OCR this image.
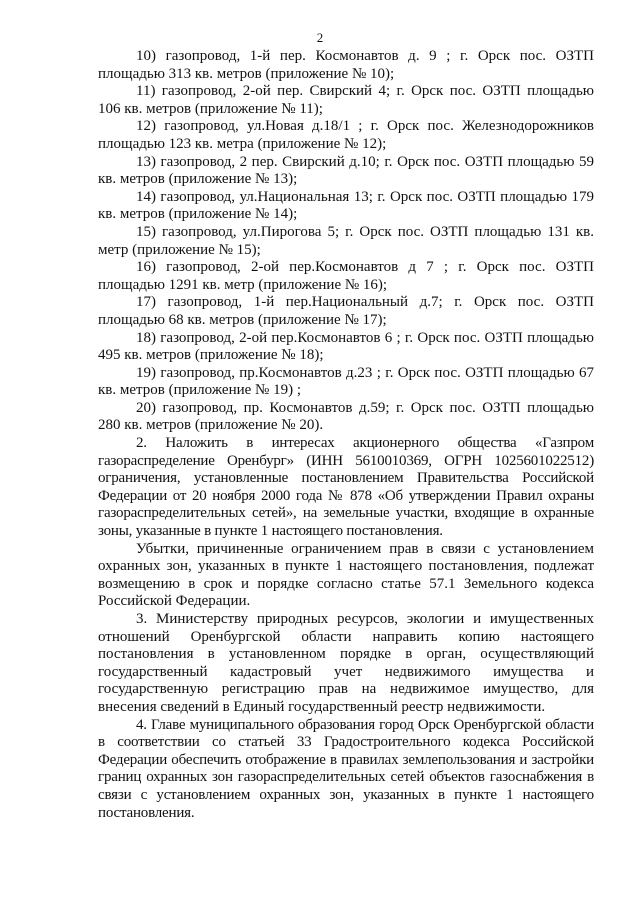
2

10) газопровод, 1-й пер. Космонавтов д. 9 ; г. Орск пос. ОЗТП площадью 313 кв. метров (приложение № 10);

11) газопровод, 2-ой пер. Свирский 4; г. Орск пос. ОЗТП площадью 106 кв. метров (приложение № 11);

12) газопровод, ул.Новая д.18/1 ; г. Орск пос. Железнодорожников площадью 123 кв. метра (приложение № 12);

13) газопровод, 2 пер. Свирский д.10; г. Орск пос. ОЗТП площадью 59 кв. метров (приложение № 13);

14) газопровод, ул.Национальная 13; г. Орск пос. ОЗТП площадью 179 кв. метров (приложение № 14);

15) газопровод, ул.Пирогова 5; г. Орск пос. ОЗТП площадью 131 кв. метр (приложение № 15);

16) газопровод, 2-ой пер.Космонавтов д 7 ; г. Орск пос. ОЗТП площадью 1291 кв. метр (приложение № 16);

17) газопровод, 1-й пер.Национальный д.7; г. Орск пос. ОЗТП площадью 68 кв. метров (приложение № 17);

18) газопровод, 2-ой пер.Космонавтов 6 ; г. Орск пос. ОЗТП площадью 495 кв. метров (приложение № 18);

19) газопровод, пр.Космонавтов д.23 ; г. Орск пос. ОЗТП площадью 67 кв. метров (приложение № 19) ;

20) газопровод, пр. Космонавтов д.59; г. Орск пос. ОЗТП площадью 280 кв. метров (приложение № 20).

2. Наложить в интересах акционерного общества «Газпром газораспределение Оренбург» (ИНН 5610010369, ОГРН 1025601022512) ограничения, установленные постановлением Правительства Российской Федерации от 20 ноября 2000 года № 878 «Об утверждении Правил охраны газораспределительных сетей», на земельные участки, входящие в охранные зоны, указанные в пункте 1 настоящего постановления.

Убытки, причиненные ограничением прав в связи с установлением охранных зон, указанных в пункте 1 настоящего постановления, подлежат возмещению в срок и порядке согласно статье 57.1 Земельного кодекса Российской Федерации.

3. Министерству природных ресурсов, экологии и имущественных отношений Оренбургской области направить копию настоящего постановления в установленном порядке в орган, осуществляющий государственный кадастровый учет недвижимого имущества и государственную регистрацию прав на недвижимое имущество, для внесения сведений в Единый государственный реестр недвижимости.

4. Главе муниципального образования город Орск Оренбургской области в соответствии со статьей 33 Градостроительного кодекса Российской Федерации обеспечить отображение в правилах землепользования и застройки границ охранных зон газораспределительных сетей объектов газоснабжения в связи с установлением охранных зон, указанных в пункте 1 настоящего постановления.
